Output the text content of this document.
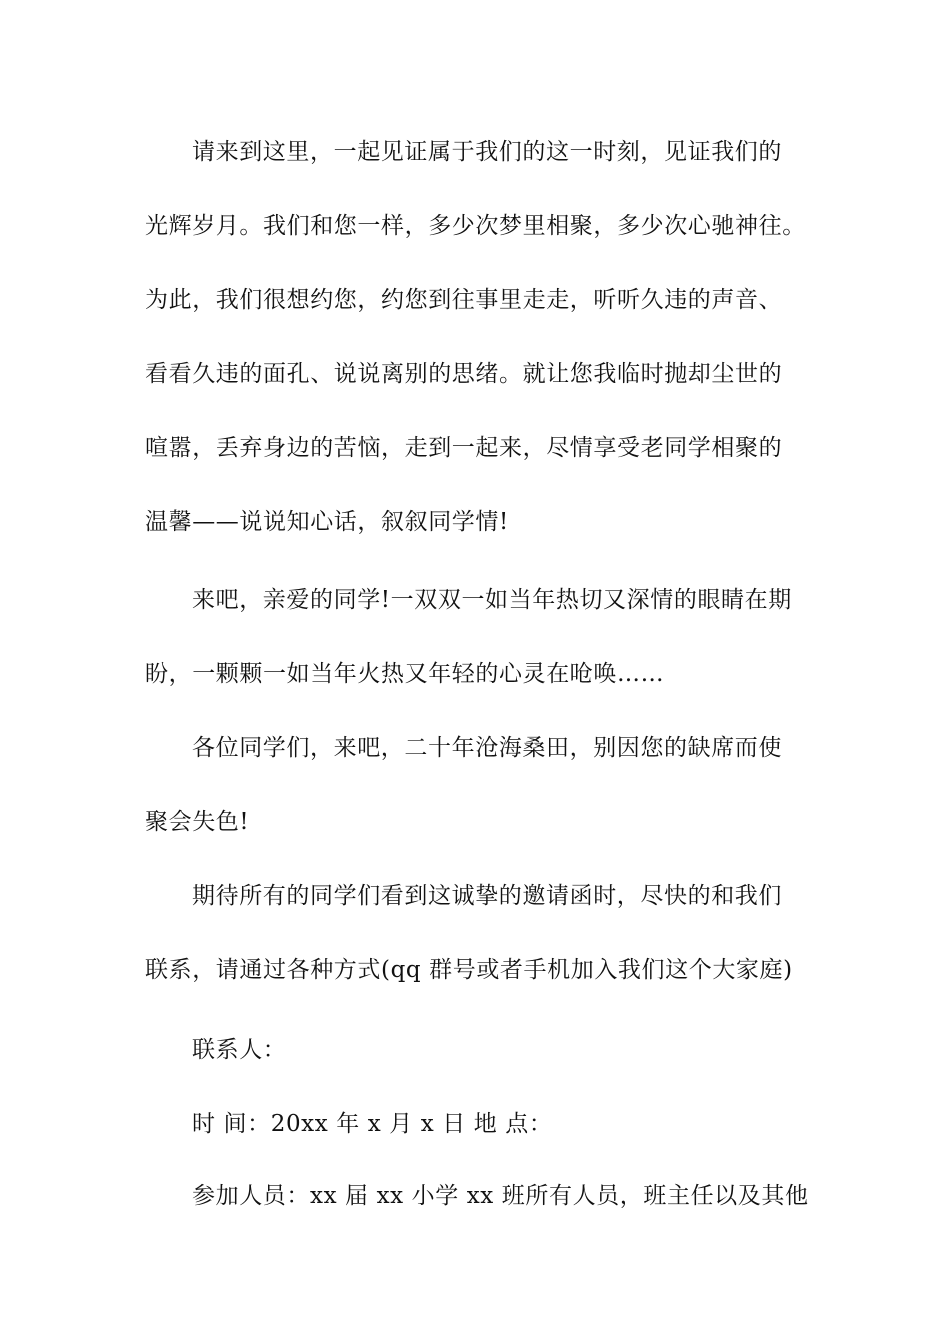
请来到这里，一起见证属于我们的这一时刻，见证我们的
光辉岁月。我们和您一样，多少次梦里相聚，多少次心驰神往。
为此，我们很想约您，约您到往事里走走，听听久违的声音、
看看久违的面孔、说说离别的思绪。就让您我临时抛却尘世的
喧嚣，丢弃身边的苦恼，走到一起来，尽情享受老同学相聚的
温馨——说说知心话，叙叙同学情!
来吧，亲爱的同学!一双双一如当年热切又深情的眼睛在期
盼，一颗颗一如当年火热又年轻的心灵在呛唤……
各位同学们，来吧，二十年沧海桑田，别因您的缺席而使
聚会失色!
期待所有的同学们看到这诚挚的邀请函时，尽快的和我们
联系，请通过各种方式(qq 群号或者手机加入我们这个大家庭)
联系人：
时 间：20xx 年 x 月 x 日 地 点：
参加人员：xx 届 xx 小学 xx 班所有人员，班主任以及其他
